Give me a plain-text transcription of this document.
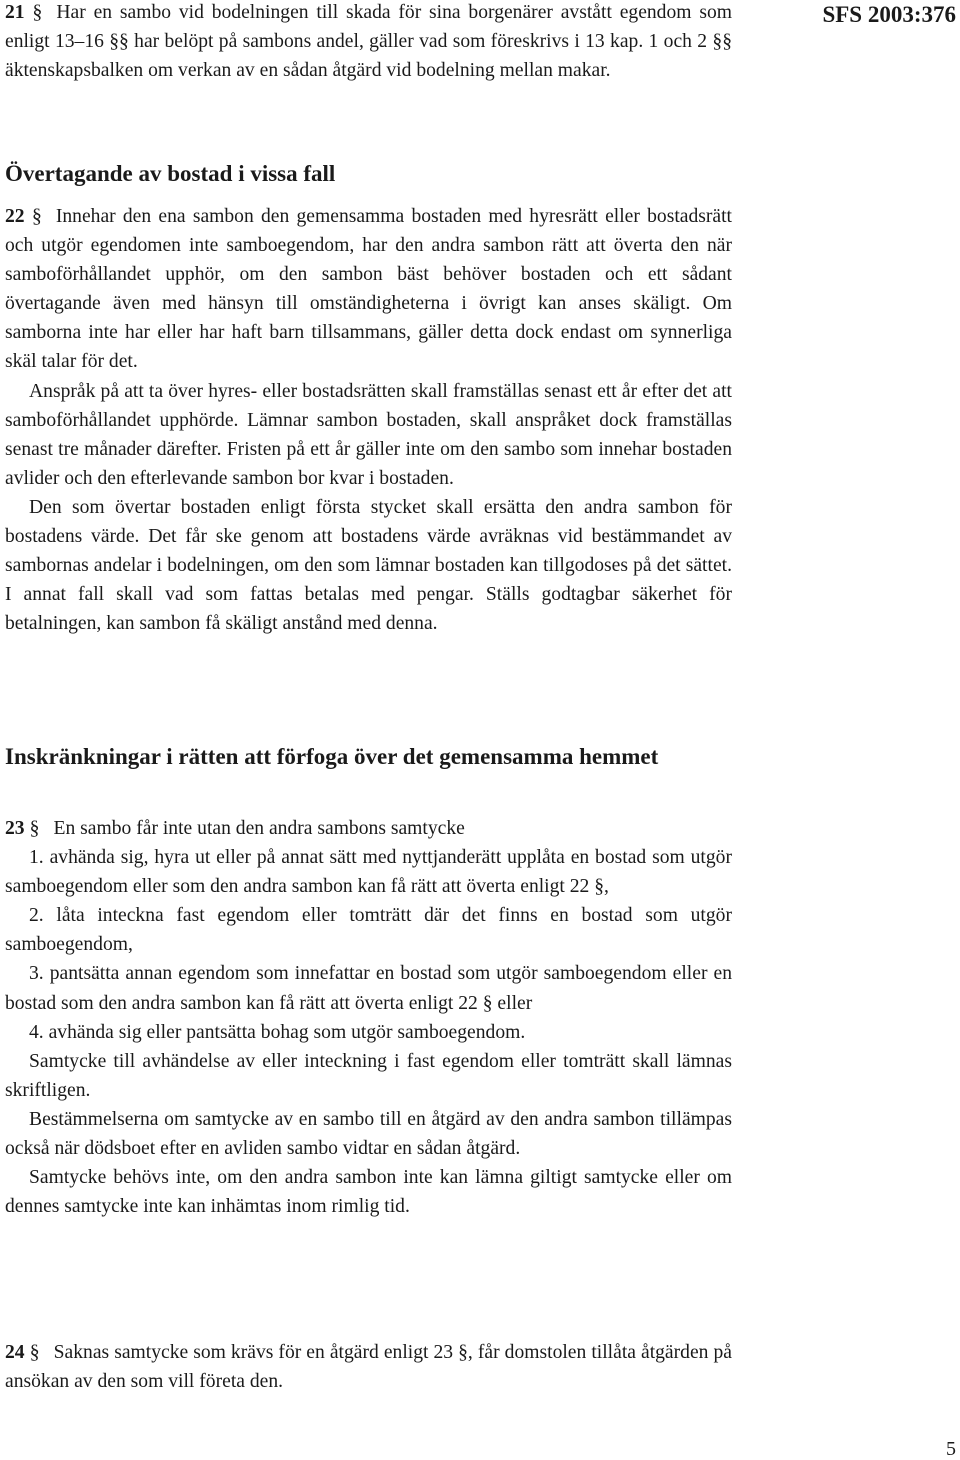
SFS 2003:376

21 § Har en sambo vid bodelningen till skada för sina borgenärer avstått egendom som enligt 13–16 §§ har belöpt på sambons andel, gäller vad som föreskrivs i 13 kap. 1 och 2 §§ äktenskapsbalken om verkan av en sådan åtgärd vid bodelning mellan makar.

Övertagande av bostad i vissa fall

22 § Innehar den ena sambon den gemensamma bostaden med hyresrätt eller bostadsrätt och utgör egendomen inte samboegendom, har den andra sambon rätt att överta den när samboförhållandet upphör, om den sambon bäst behöver bostaden och ett sådant övertagande även med hänsyn till omständigheterna i övrigt kan anses skäligt. Om samborna inte har eller har haft barn tillsammans, gäller detta dock endast om synnerliga skäl talar för det.

Anspråk på att ta över hyres- eller bostadsrätten skall framställas senast ett år efter det att samboförhållandet upphörde. Lämnar sambon bostaden, skall anspråket dock framställas senast tre månader därefter. Fristen på ett år gäller inte om den sambo som innehar bostaden avlider och den efterlevande sambon bor kvar i bostaden.

Den som övertar bostaden enligt första stycket skall ersätta den andra sambon för bostadens värde. Det får ske genom att bostadens värde avräknas vid bestämmandet av sambornas andelar i bodelningen, om den som lämnar bostaden kan tillgodoses på det sättet. I annat fall skall vad som fattas betalas med pengar. Ställs godtagbar säkerhet för betalningen, kan sambon få skäligt anstånd med denna.

Inskränkningar i rätten att förfoga över det gemensamma hemmet

23 § En sambo får inte utan den andra sambons samtycke

1. avhända sig, hyra ut eller på annat sätt med nyttjanderätt upplåta en bostad som utgör samboegendom eller som den andra sambon kan få rätt att överta enligt 22 §,

2. låta inteckna fast egendom eller tomträtt där det finns en bostad som utgör samboegendom,

3. pantsätta annan egendom som innefattar en bostad som utgör samboegendom eller en bostad som den andra sambon kan få rätt att överta enligt 22 § eller

4. avhända sig eller pantsätta bohag som utgör samboegendom.

Samtycke till avhändelse av eller inteckning i fast egendom eller tomträtt skall lämnas skriftligen.

Bestämmelserna om samtycke av en sambo till en åtgärd av den andra sambon tillämpas också när dödsboet efter en avliden sambo vidtar en sådan åtgärd.

Samtycke behövs inte, om den andra sambon inte kan lämna giltigt samtycke eller om dennes samtycke inte kan inhämtas inom rimlig tid.

24 § Saknas samtycke som krävs för en åtgärd enligt 23 §, får domstolen tillåta åtgärden på ansökan av den som vill företa den.

5
